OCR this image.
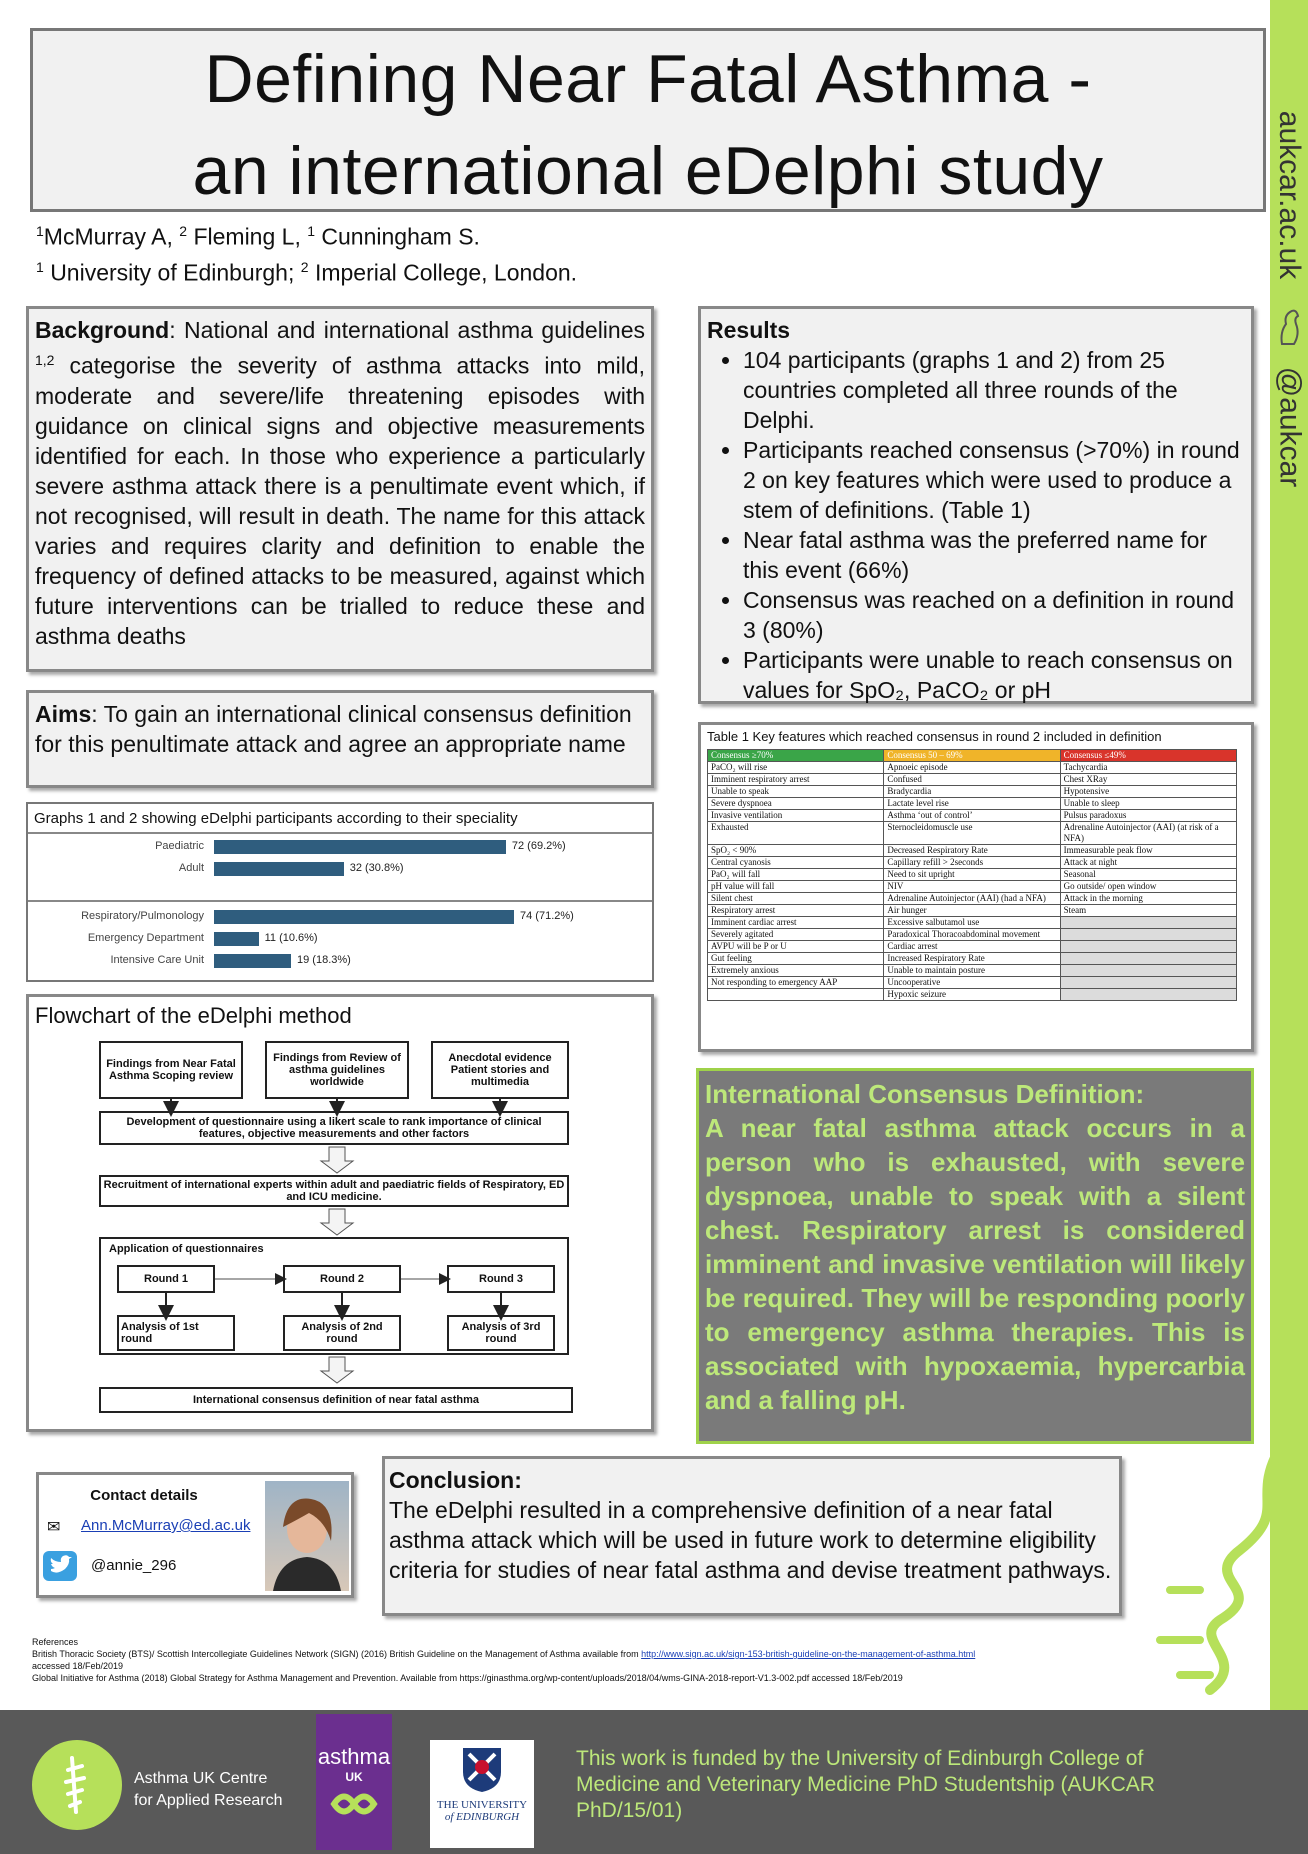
aukcar.ac.uk
@aukcar
Defining Near Fatal Asthma -
an international eDelphi study
$^1$McMurray A, $^2$ Fleming L, $^1$ Cunningham S.
$^1$ University of Edinburgh; $^2$ Imperial College, London.
Background: National and international asthma guidelines $^{1,2}$ categorise the severity of asthma attacks into mild, moderate and severe/life threatening episodes with guidance on clinical signs and objective measurements identified for each. In those who experience a particularly severe asthma attack there is a penultimate event which, if not recognised, will result in death. The name for this attack varies and requires clarity and definition to enable the frequency of defined attacks to be measured, against which future interventions can be trialled to reduce these and asthma deaths
Aims: To gain an international clinical consensus definition for this penultimate attack and agree an appropriate name
Graphs 1 and 2 showing eDelphi participants according to their speciality
Paediatric	72 (69.2%)
Adult	32 (30.8%)
Respiratory/Pulmonology	74 (71.2%)
Emergency Department	11 (10.6%)
Intensive Care Unit	19 (18.3%)
Flowchart of the eDelphi method
Findings from Near Fatal Asthma Scoping review
Findings from Review of asthma guidelines worldwide
Anecdotal evidence Patient stories and multimedia
Development of questionnaire using a likert scale to rank importance of clinical features, objective measurements and other factors
Recruitment of international experts within adult and paediatric fields of Respiratory, ED and ICU medicine.
Application of questionnaires
Round 1	Round 2	Round 3
Analysis of 1st round
Analysis of 2nd round
Analysis of 3rd round
International consensus definition of near fatal asthma
Results
• 104 participants (graphs 1 and 2) from 25 countries completed all three rounds of the Delphi.
• Participants reached consensus (>70%) in round 2 on key features which were used to produce a stem of definitions. (Table 1)
• Near fatal asthma was the preferred name for this event (66%)
• Consensus was reached on a definition in round 3 (80%)
• Participants were unable to reach consensus on values for SpO₂, PaCO₂ or pH
Table 1 Key features which reached consensus in round 2 included in definition
Consensus ≥70%	Consensus 50 – 69%	Consensus ≤49%
PaCO₂ will rise	Apnoeic episode	Tachycardia
Imminent respiratory arrest	Confused	Chest XRay
Unable to speak	Bradycardia	Hypotensive
Severe dyspnoea	Lactate level rise	Unable to sleep
Invasive ventilation	Asthma ‘out of control’	Pulsus paradoxus
Exhausted	Sternocleidomuscle use	Adrenaline Autoinjector (AAI) (at risk of a NFA)
SpO₂ < 90%	Decreased Respiratory Rate	Immeasurable peak flow
Central cyanosis	Capillary refill > 2seconds	Attack at night
PaO₂ will fall	Need to sit upright	Seasonal
pH value will fall	NIV	Go outside/ open window
Silent chest	Adrenaline Autoinjector (AAI) (had a NFA)	Attack in the morning
Respiratory arrest	Air hunger	Steam
Imminent cardiac arrest	Excessive salbutamol use	
Severely agitated	Paradoxical Thoracoabdominal movement	
AVPU will be P or U	Cardiac arrest	
Gut feeling	Increased Respiratory Rate	
Extremely anxious	Unable to maintain posture	
Not responding to emergency AAP	Uncooperative	
	Hypoxic seizure	
International Consensus Definition:
A near fatal asthma attack occurs in a person who is exhausted, with severe dyspnoea, unable to speak with a silent chest. Respiratory arrest is considered imminent and invasive ventilation will likely be required. They will be responding poorly to emergency asthma therapies. This is associated with hypoxaemia, hypercarbia and a falling pH.
Contact details
✉ Ann.McMurray@ed.ac.uk
@annie_296
Conclusion:
The eDelphi resulted in a comprehensive definition of a near fatal asthma attack which will be used in future work to determine eligibility criteria for studies of near fatal asthma and devise treatment pathways.
References
British Thoracic Society (BTS)/ Scottish Intercollegiate Guidelines Network (SIGN) (2016) British Guideline on the Management of Asthma available from http://www.sign.ac.uk/sign-153-british-guideline-on-the-management-of-asthma.html
accessed 18/Feb/2019
Global Initiative for Asthma (2018) Global Strategy for Asthma Management and Prevention. Available from https://ginasthma.org/wp-content/uploads/2018/04/wms-GINA-2018-report-V1.3-002.pdf accessed 18/Feb/2019
Asthma UK Centre
for Applied Research
asthma
UK
THE UNIVERSITY
of EDINBURGH
This work is funded by the University of Edinburgh College of Medicine and Veterinary Medicine PhD Studentship (AUKCAR PhD/15/01)
